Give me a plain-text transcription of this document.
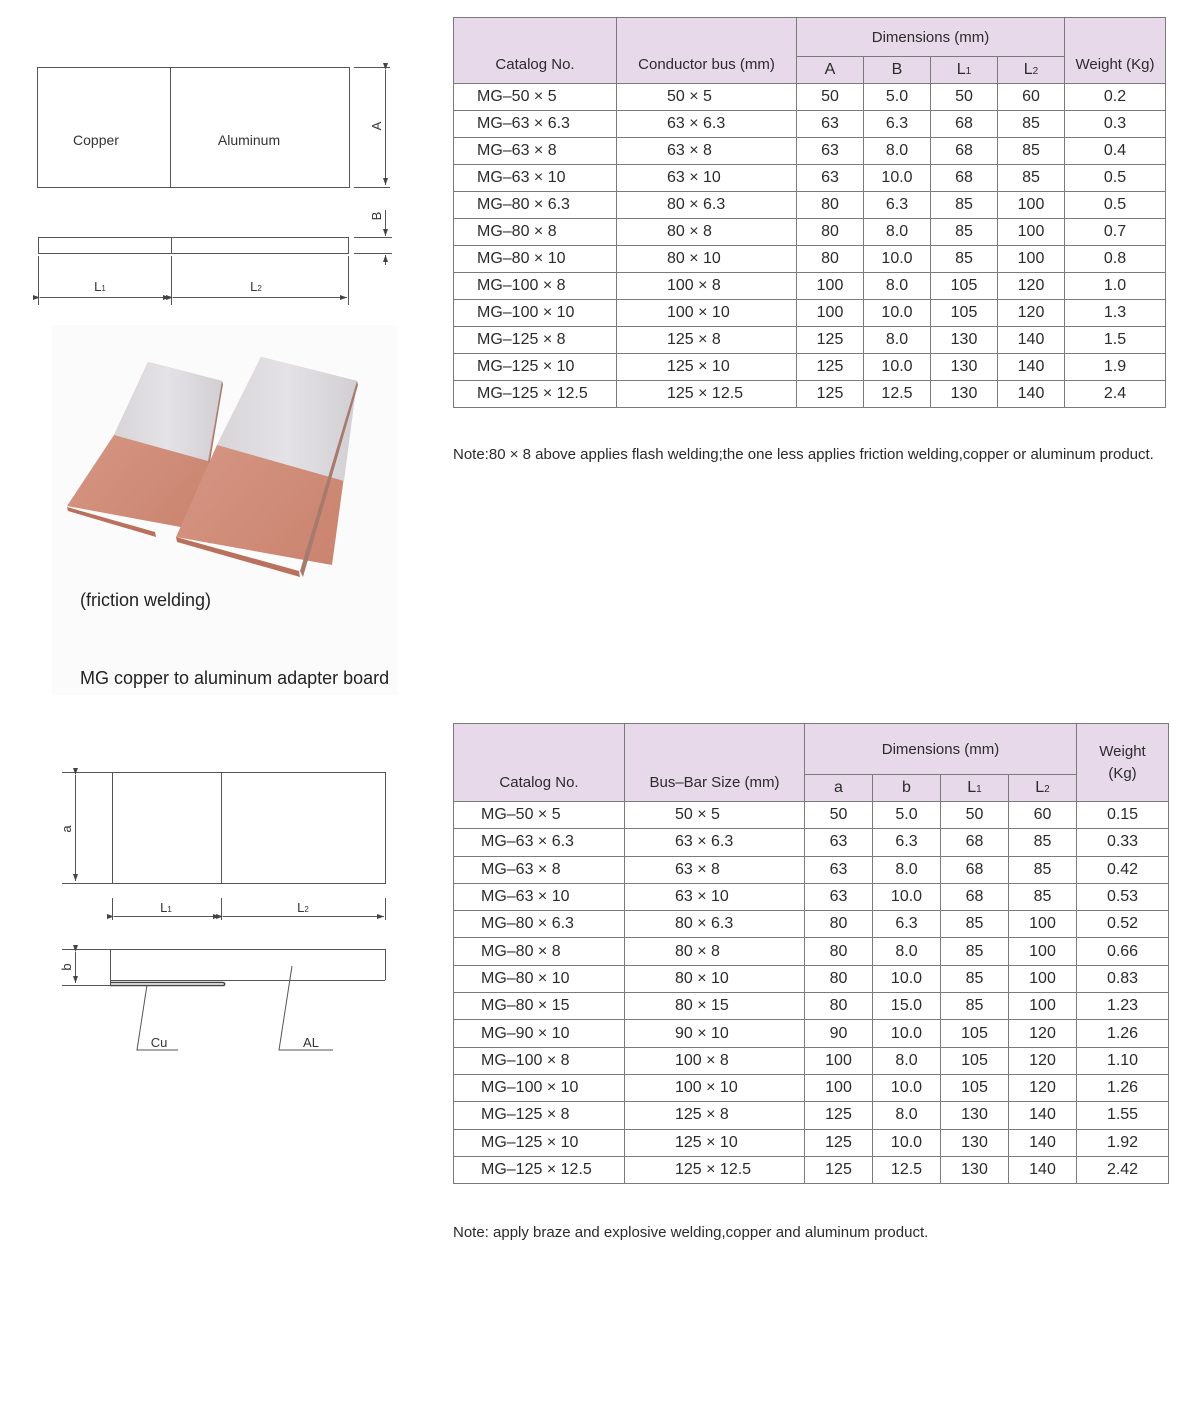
Copper	Aluminum
A
B
L1	L2
(friction welding)
MG copper to aluminum adapter board
a
b
L1	L2
Cu	AL
Catalog No.	Conductor bus (mm)	Dimensions (mm)				Weight (Kg)
		A	B	L1	L2	
MG–50 × 5	50 × 5	50	5.0	50	60	0.2
MG–63 × 6.3	63 × 6.3	63	6.3	68	85	0.3
MG–63 × 8	63 × 8	63	8.0	68	85	0.4
MG–63 × 10	63 × 10	63	10.0	68	85	0.5
MG–80 × 6.3	80 × 6.3	80	6.3	85	100	0.5
MG–80 × 8	80 × 8	80	8.0	85	100	0.7
MG–80 × 10	80 × 10	80	10.0	85	100	0.8
MG–100 × 8	100 × 8	100	8.0	105	120	1.0
MG–100 × 10	100 × 10	100	10.0	105	120	1.3
MG–125 × 8	125 × 8	125	8.0	130	140	1.5
MG–125 × 10	125 × 10	125	10.0	130	140	1.9
MG–125 × 12.5	125 × 12.5	125	12.5	130	140	2.4
Note:80 × 8 above applies flash welding;the one less applies friction welding,copper or aluminum product.
Catalog No.	Bus–Bar Size (mm)	Dimensions (mm)				Weight
(Kg)
		a	b	L1	L2	
MG–50 × 5	50 × 5	50	5.0	50	60	0.15
MG–63 × 6.3	63 × 6.3	63	6.3	68	85	0.33
MG–63 × 8	63 × 8	63	8.0	68	85	0.42
MG–63 × 10	63 × 10	63	10.0	68	85	0.53
MG–80 × 6.3	80 × 6.3	80	6.3	85	100	0.52
MG–80 × 8	80 × 8	80	8.0	85	100	0.66
MG–80 × 10	80 × 10	80	10.0	85	100	0.83
MG–80 × 15	80 × 15	80	15.0	85	100	1.23
MG–90 × 10	90 × 10	90	10.0	105	120	1.26
MG–100 × 8	100 × 8	100	8.0	105	120	1.10
MG–100 × 10	100 × 10	100	10.0	105	120	1.26
MG–125 × 8	125 × 8	125	8.0	130	140	1.55
MG–125 × 10	125 × 10	125	10.0	130	140	1.92
MG–125 × 12.5	125 × 12.5	125	12.5	130	140	2.42
Note: apply braze and explosive welding,copper and aluminum product.
